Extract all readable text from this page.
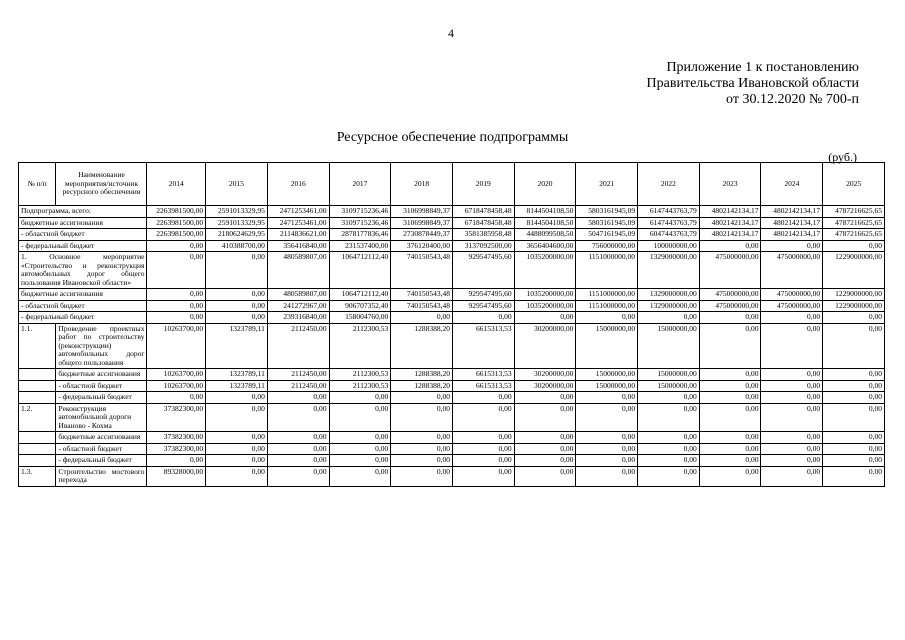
4
Приложение 1 к постановлению
Правительства Ивановской области
от 30.12.2020 № 700-п
Ресурсное обеспечение подпрограммы
(руб.)
№ п/п	Наименование мероприятия/источник ресурсного обеспечения	2014	2015	2016	2017	2018	2019	2020	2021	2022	2023	2024	2025
Подпрограмма, всего:		2263981500,00	2591013329,95	2471253461,00	3109715236,46	3106998849,37	6718478458,48	8144504108,50	5803161945,09	6147443763,79	4802142134,17	4802142134,17	4787216625,65
бюджетные ассигнования		2263981500,00	2591013329,95	2471253461,00	3109715236,46	3106998849,37	6718478458,48	8144504108,50	5803161945,09	6147443763,79	4802142134,17	4802142134,17	4787216625,65
- областной бюджет		2263981500,00	2180624629,95	2114836621,00	2878177836,46	2730878449,37	3581385958,48	4488099508,50	5047161945,09	6047443763,79	4802142134,17	4802142134,17	4787216625,65
- федеральный бюджет		0,00	410388700,00	356416840,00	231537400,00	376120400,00	3137092500,00	3656404600,00	756000000,00	100000000,00	0,00	0,00	0,00
1. Основное мероприятие «Строительство и реконструкция автомобильных дорог общего пользования Ивановской области»		0,00	0,00	480589807,00	1064712112,40	740150543,48	929547495,60	1035200000,00	1151000000,00	1329000000,00	475000000,00	475000000,00	1229000000,00
бюджетные ассигнования		0,00	0,00	480589807,00	1064712112,40	740150543,48	929547495,60	1035200000,00	1151000000,00	1329000000,00	475000000,00	475000000,00	1229000000,00
- областной бюджет		0,00	0,00	241272967,00	906707352,40	740150543,48	929547495,60	1035200000,00	1151000000,00	1329000000,00	475000000,00	475000000,00	1229000000,00
- федеральный бюджет		0,00	0,00	239316840,00	158004760,00	0,00	0,00	0,00	0,00	0,00	0,00	0,00	0,00
1.1.	Проведение проектных работ по строительству (реконструкции) автомобильных дорог общего пользования	10263700,00	1323789,11	2112450,00	2112300,53	1288388,20	6615313,53	30200000,00	15000000,00	15000000,00	0,00	0,00	0,00
	бюджетные ассигнования	10263700,00	1323789,11	2112450,00	2112300,53	1288388,20	6615313,53	30200000,00	15000000,00	15000000,00	0,00	0,00	0,00
	- областной бюджет	10263700,00	1323789,11	2112450,00	2112300,53	1288388,20	6615313,53	30200000,00	15000000,00	15000000,00	0,00	0,00	0,00
	- федеральный бюджет	0,00	0,00	0,00	0,00	0,00	0,00	0,00	0,00	0,00	0,00	0,00	0,00
1.2.	Реконструкция автомобильной дороги Иваново - Кохма	37382300,00	0,00	0,00	0,00	0,00	0,00	0,00	0,00	0,00	0,00	0,00	0,00
	бюджетные ассигнования	37382300,00	0,00	0,00	0,00	0,00	0,00	0,00	0,00	0,00	0,00	0,00	0,00
	- областной бюджет	37382300,00	0,00	0,00	0,00	0,00	0,00	0,00	0,00	0,00	0,00	0,00	0,00
	- федеральный бюджет	0,00	0,00	0,00	0,00	0,00	0,00	0,00	0,00	0,00	0,00	0,00	0,00
1.3.	Строительство мостового перехода	89328000,00	0,00	0,00	0,00	0,00	0,00	0,00	0,00	0,00	0,00	0,00	0,00
